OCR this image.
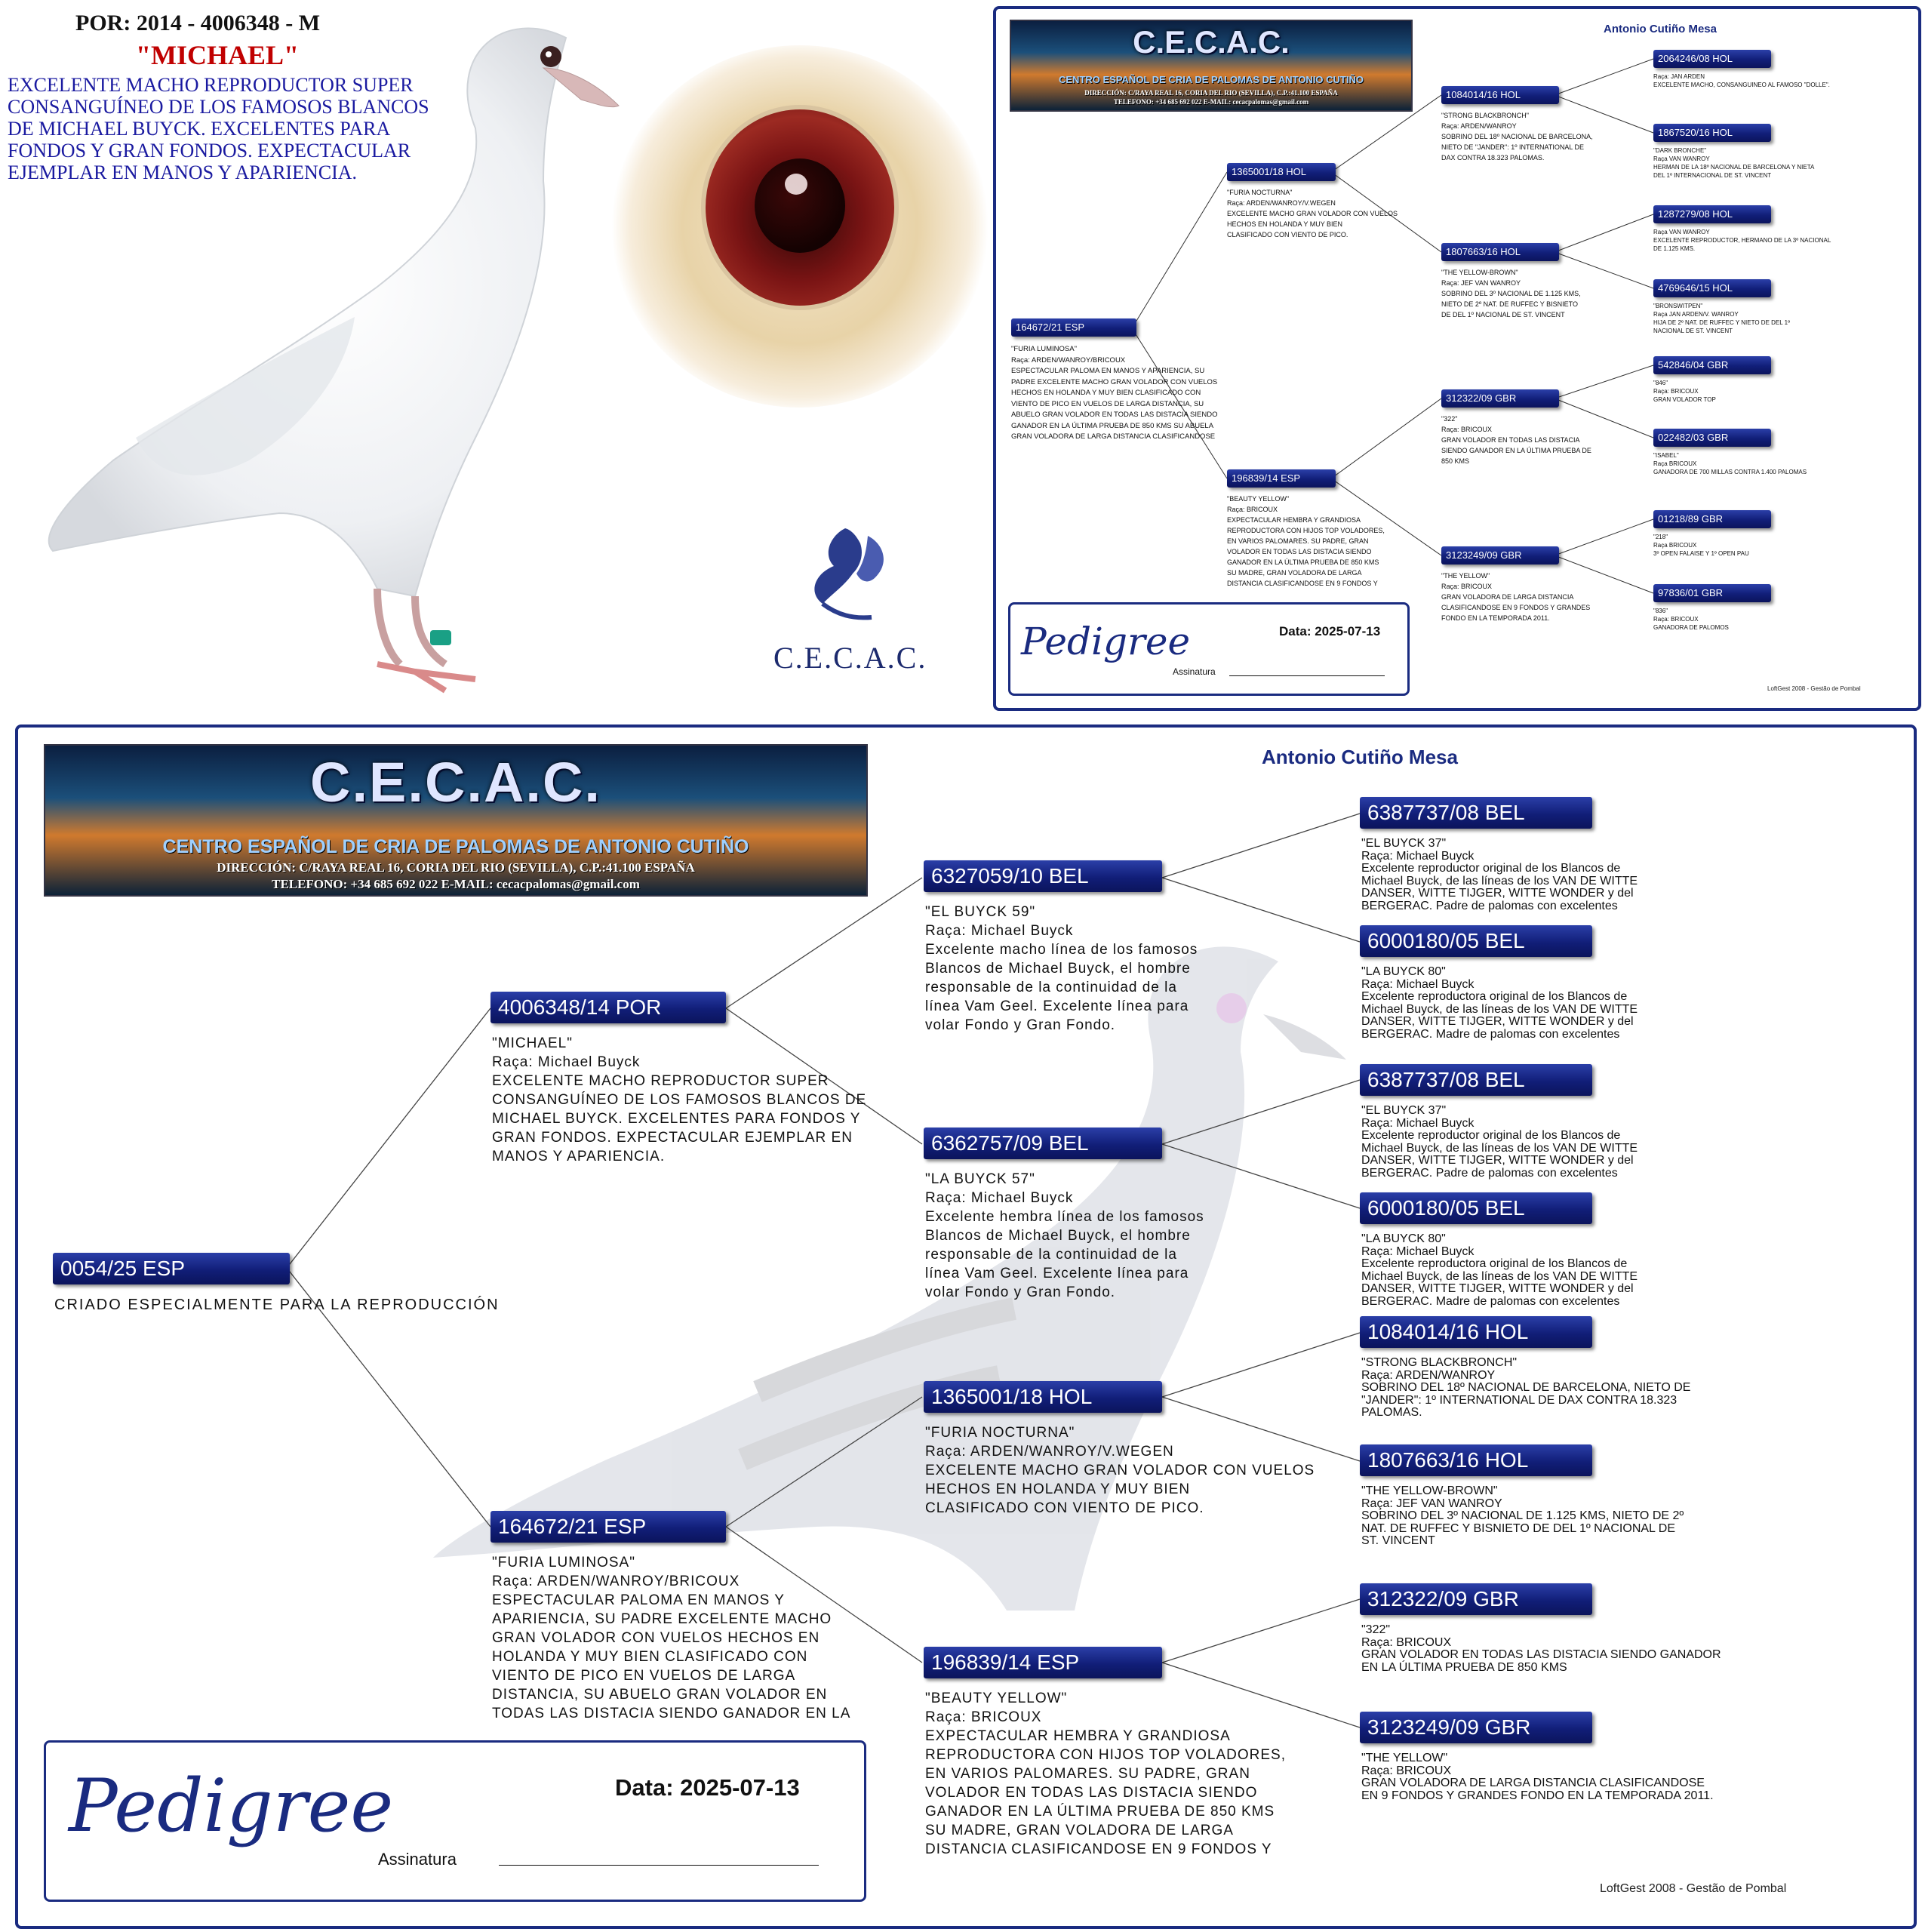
POR: 2014 - 4006348 - M
"MICHAEL"
EXCELENTE MACHO REPRODUCTOR SUPER CONSANGUÍNEO DE LOS FAMOSOS BLANCOS DE MICHAEL BUYCK. EXCELENTES PARA FONDOS Y GRAN FONDOS. EXPECTACULAR EJEMPLAR EN MANOS Y APARIENCIA.
C.E.C.A.C.
C.E.C.A.C.
CENTRO ESPAÑOL DE CRIA DE PALOMAS DE ANTONIO CUTIÑO
DIRECCIÓN: C/RAYA REAL 16, CORIA DEL RIO (SEVILLA), C.P.:41.100 ESPAÑA
TELEFONO: +34 685 692 022 E-MAIL: cecacpalomas@gmail.com
Antonio Cutiño Mesa
164672/21 ESP
"FURIA LUMINOSA"
Raça: ARDEN/WANROY/BRICOUX
ESPECTACULAR PALOMA EN MANOS Y APARIENCIA, SU
PADRE EXCELENTE MACHO GRAN VOLADOR CON VUELOS
HECHOS EN HOLANDA Y MUY BIEN CLASIFICADO CON
VIENTO DE PICO EN VUELOS DE LARGA DISTANCIA, SU
ABUELO GRAN VOLADOR EN TODAS LAS DISTACIA SIENDO
GANADOR EN LA ÚLTIMA PRUEBA DE 850 KMS SU ABUELA
GRAN VOLADORA DE LARGA DISTANCIA CLASIFICANDOSE
1365001/18 HOL
"FURIA NOCTURNA"
Raça: ARDEN/WANROY/V.WEGEN
EXCELENTE MACHO GRAN VOLADOR CON VUELOS
HECHOS EN HOLANDA Y MUY BIEN
CLASIFICADO CON VIENTO DE PICO.
196839/14 ESP
"BEAUTY YELLOW"
Raça: BRICOUX
EXPECTACULAR HEMBRA Y GRANDIOSA
REPRODUCTORA CON HIJOS TOP VOLADORES,
EN VARIOS PALOMARES. SU PADRE, GRAN
VOLADOR EN TODAS LAS DISTACIA SIENDO
GANADOR EN LA ÚLTIMA PRUEBA DE 850 KMS
SU MADRE, GRAN VOLADORA DE LARGA
DISTANCIA CLASIFICANDOSE EN 9 FONDOS Y
1084014/16 HOL
"STRONG BLACKBRONCH"
Raça: ARDEN/WANROY
SOBRINO DEL 18º NACIONAL DE BARCELONA,
NIETO DE "JANDER": 1º INTERNATIONAL DE
DAX CONTRA 18.323 PALOMAS.
1807663/16 HOL
"THE YELLOW-BROWN"
Raça: JEF VAN WANROY
SOBRINO DEL 3º NACIONAL DE 1.125 KMS,
NIETO DE 2º NAT. DE RUFFEC Y BISNIETO
DE DEL 1º NACIONAL DE ST. VINCENT
312322/09 GBR
"322"
Raça: BRICOUX
GRAN VOLADOR EN TODAS LAS DISTACIA
SIENDO GANADOR EN LA ÚLTIMA PRUEBA DE
850 KMS
3123249/09 GBR
"THE YELLOW"
Raça: BRICOUX
GRAN VOLADORA DE LARGA DISTANCIA
CLASIFICANDOSE EN 9 FONDOS Y GRANDES
FONDO EN LA TEMPORADA 2011.
2064246/08 HOL
Raça: JAN ARDEN
EXCELENTE MACHO, CONSANGUINEO AL FAMOSO "DOLLE".
1867520/16 HOL
"DARK BRONCHE"
Raça VAN WANROY
HERMAN DE LA 18º NACIONAL DE BARCELONA Y NIETA
DEL 1º INTERNACIONAL DE ST. VINCENT
1287279/08 HOL
Raça VAN WANROY
EXCELENTE REPRODUCTOR, HERMANO DE LA 3º NACIONAL
DE 1.125 KMS.
4769646/15 HOL
"BRONSWITPEN"
Raça JAN ARDEN/V. WANROY
HIJA DE 2º NAT. DE RUFFEC Y NIETO DE DEL 1º
NACIONAL DE ST. VINCENT
542846/04 GBR
"846"
Raça: BRICOUX
GRAN VOLADOR TOP
022482/03 GBR
"ISABEL"
Raça BRICOUX
GANADORA DE 700 MILLAS CONTRA 1.400 PALOMAS
01218/89 GBR
"218"
Raça BRICOUX
3º OPEN FALAISE Y 1º OPEN PAU
97836/01 GBR
"836"
Raça: BRICOUX
GANADORA DE PALOMOS
Pedigree	Data: 2025-07-13
Assinatura
LoftGest 2008 - Gestão de Pombal
C.E.C.A.C.
CENTRO ESPAÑOL DE CRIA DE PALOMAS DE ANTONIO CUTIÑO
DIRECCIÓN: C/RAYA REAL 16, CORIA DEL RIO (SEVILLA), C.P.:41.100 ESPAÑA
TELEFONO: +34 685 692 022 E-MAIL: cecacpalomas@gmail.com
Antonio Cutiño Mesa
0054/25 ESP
CRIADO ESPECIALMENTE PARA LA REPRODUCCIÓN
4006348/14 POR
"MICHAEL"
Raça: Michael Buyck
EXCELENTE MACHO REPRODUCTOR SUPER
CONSANGUÍNEO DE LOS FAMOSOS BLANCOS DE
MICHAEL BUYCK. EXCELENTES PARA FONDOS Y
GRAN FONDOS. EXPECTACULAR EJEMPLAR EN
MANOS Y APARIENCIA.
164672/21 ESP
"FURIA LUMINOSA"
Raça: ARDEN/WANROY/BRICOUX
ESPECTACULAR PALOMA EN MANOS Y
APARIENCIA, SU PADRE EXCELENTE MACHO
GRAN VOLADOR CON VUELOS HECHOS EN
HOLANDA Y MUY BIEN CLASIFICADO CON
VIENTO DE PICO EN VUELOS DE LARGA
DISTANCIA, SU ABUELO GRAN VOLADOR EN
TODAS LAS DISTACIA SIENDO GANADOR EN LA
6327059/10 BEL
"EL BUYCK 59"
Raça: Michael Buyck
Excelente macho línea de los famosos
Blancos de Michael Buyck, el hombre
responsable de la continuidad de la
línea Vam Geel. Excelente línea para
volar Fondo y Gran Fondo.
6362757/09 BEL
"LA BUYCK 57"
Raça: Michael Buyck
Excelente hembra línea de los famosos
Blancos de Michael Buyck, el hombre
responsable de la continuidad de la
línea Vam Geel. Excelente línea para
volar Fondo y Gran Fondo.
1365001/18 HOL
"FURIA NOCTURNA"
Raça: ARDEN/WANROY/V.WEGEN
EXCELENTE MACHO GRAN VOLADOR CON VUELOS
HECHOS EN HOLANDA Y MUY BIEN
CLASIFICADO CON VIENTO DE PICO.
196839/14 ESP
"BEAUTY YELLOW"
Raça: BRICOUX
EXPECTACULAR HEMBRA Y GRANDIOSA
REPRODUCTORA CON HIJOS TOP VOLADORES,
EN VARIOS PALOMARES. SU PADRE, GRAN
VOLADOR EN TODAS LAS DISTACIA SIENDO
GANADOR EN LA ÚLTIMA PRUEBA DE 850 KMS
SU MADRE, GRAN VOLADORA DE LARGA
DISTANCIA CLASIFICANDOSE EN 9 FONDOS Y
6387737/08 BEL
"EL BUYCK 37"
Raça: Michael Buyck
Excelente reproductor original de los Blancos de
Michael Buyck, de las líneas de los VAN DE WITTE
DANSER, WITTE TIJGER, WITTE WONDER y del
BERGERAC. Padre de palomas con excelentes
6000180/05 BEL
"LA BUYCK 80"
Raça: Michael Buyck
Excelente reproductora original de los Blancos de
Michael Buyck, de las líneas de los VAN DE WITTE
DANSER, WITTE TIJGER, WITTE WONDER y del
BERGERAC. Madre de palomas con excelentes
6387737/08 BEL
"EL BUYCK 37"
Raça: Michael Buyck
Excelente reproductor original de los Blancos de
Michael Buyck, de las líneas de los VAN DE WITTE
DANSER, WITTE TIJGER, WITTE WONDER y del
BERGERAC. Padre de palomas con excelentes
6000180/05 BEL
"LA BUYCK 80"
Raça: Michael Buyck
Excelente reproductora original de los Blancos de
Michael Buyck, de las líneas de los VAN DE WITTE
DANSER, WITTE TIJGER, WITTE WONDER y del
BERGERAC. Madre de palomas con excelentes
1084014/16 HOL
"STRONG BLACKBRONCH"
Raça: ARDEN/WANROY
SOBRINO DEL 18º NACIONAL DE BARCELONA, NIETO DE
"JANDER": 1º INTERNATIONAL DE DAX CONTRA 18.323
PALOMAS.
1807663/16 HOL
"THE YELLOW-BROWN"
Raça: JEF VAN WANROY
SOBRINO DEL 3º NACIONAL DE 1.125 KMS, NIETO DE 2º
NAT. DE RUFFEC Y BISNIETO DE DEL 1º NACIONAL DE
ST. VINCENT
312322/09 GBR
"322"
Raça: BRICOUX
GRAN VOLADOR EN TODAS LAS DISTACIA SIENDO GANADOR
EN LA ÚLTIMA PRUEBA DE 850 KMS
3123249/09 GBR
"THE YELLOW"
Raça: BRICOUX
GRAN VOLADORA DE LARGA DISTANCIA CLASIFICANDOSE
EN 9 FONDOS Y GRANDES FONDO EN LA TEMPORADA 2011.
Pedigree	Data: 2025-07-13
Assinatura
LoftGest 2008 - Gestão de Pombal
